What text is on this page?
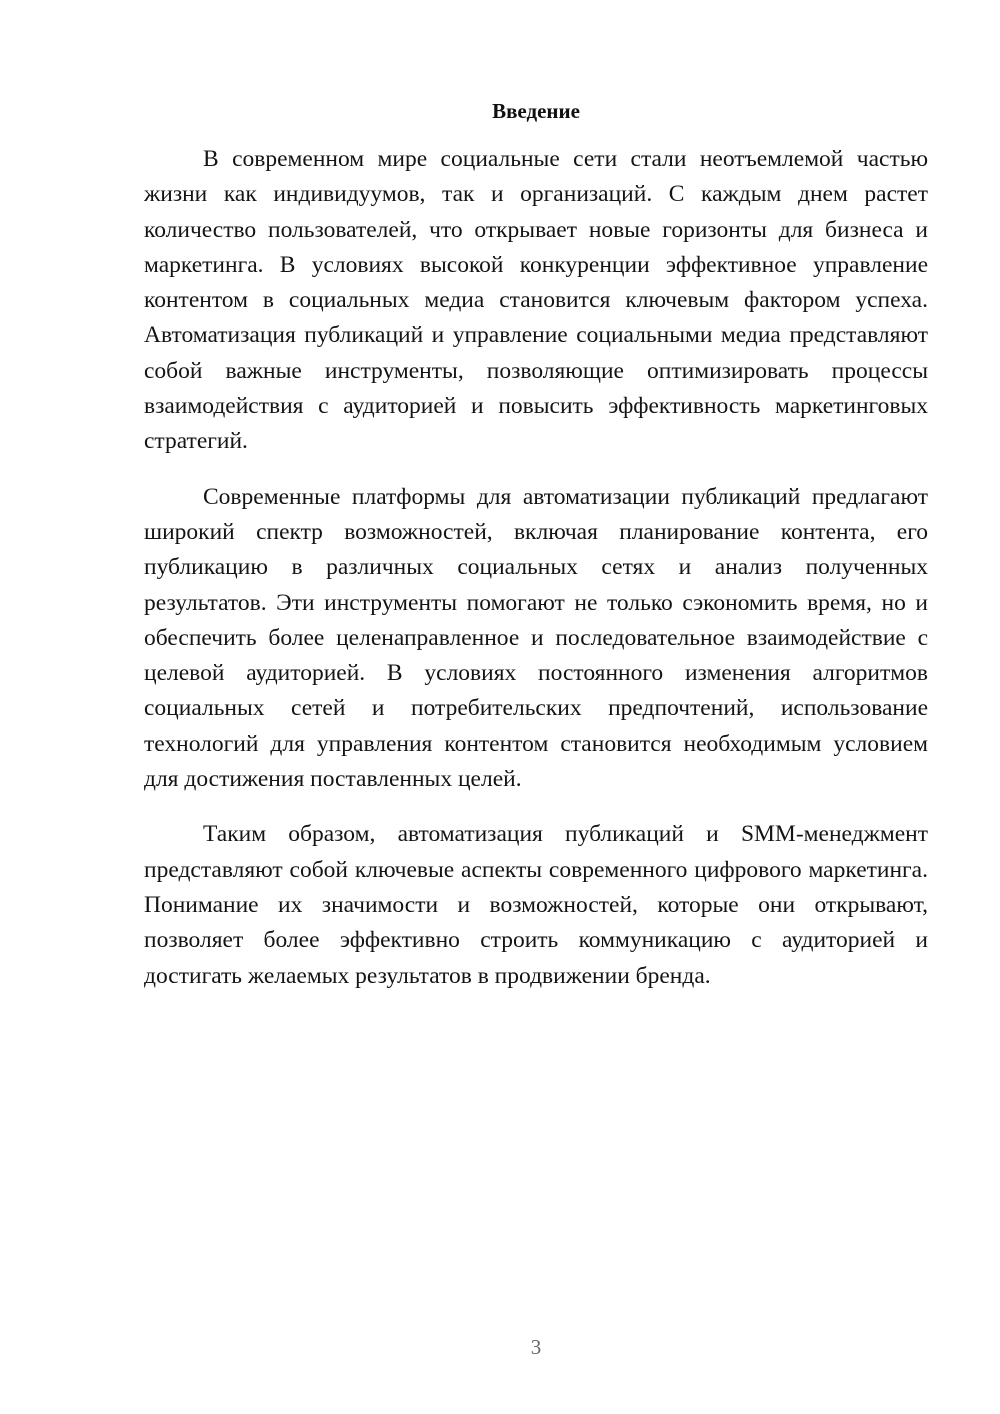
Введение

В современном мире социальные сети стали неотъемлемой частью жизни как индивидуумов, так и организаций. С каждым днем растет количество пользователей, что открывает новые горизонты для бизнеса и маркетинга. В условиях высокой конкуренции эффективное управление контентом в социальных медиа становится ключевым фактором успеха. Автоматизация публикаций и управление социальными медиа представляют собой важные инструменты, позволяющие оптимизировать процессы взаимодействия с аудиторией и повысить эффективность маркетинговых стратегий.

Современные платформы для автоматизации публикаций предлагают широкий спектр возможностей, включая планирование контента, его публикацию в различных социальных сетях и анализ полученных результатов. Эти инструменты помогают не только сэкономить время, но и обеспечить более целенаправленное и последовательное взаимодействие с целевой аудиторией. В условиях постоянного изменения алгоритмов социальных сетей и потребительских предпочтений, использование технологий для управления контентом становится необходимым условием для достижения поставленных целей.

Таким образом, автоматизация публикаций и SMM-менеджмент представляют собой ключевые аспекты современного цифрового маркетинга. Понимание их значимости и возможностей, которые они открывают, позволяет более эффективно строить коммуникацию с аудиторией и достигать желаемых результатов в продвижении бренда.

3
